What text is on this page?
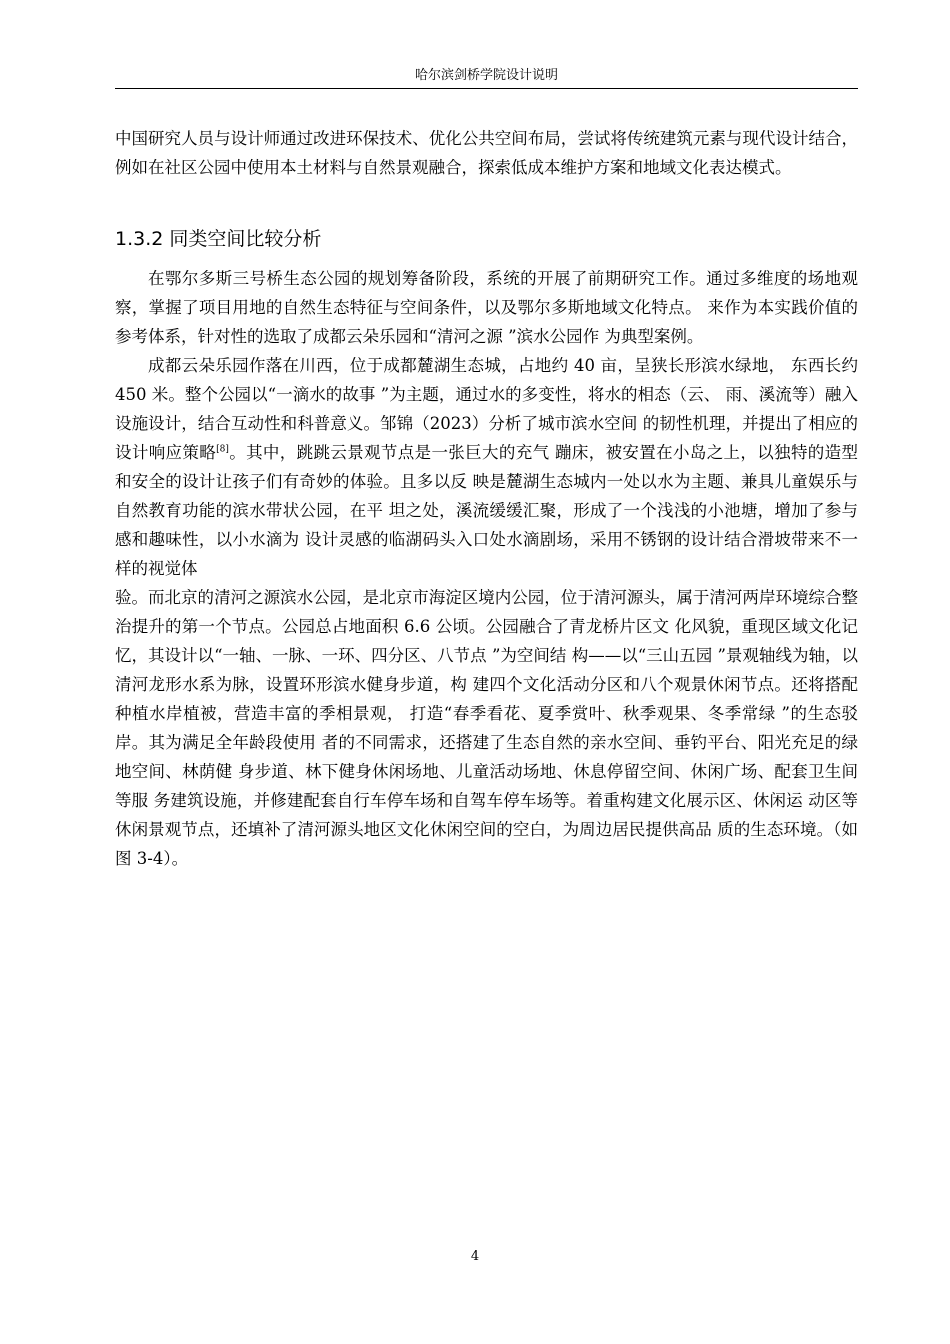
哈尔滨剑桥学院设计说明

中国研究人员与设计师通过改进环保技术、优化公共空间布局，尝试将传统建筑元素与现代设计结合，例如在社区公园中使用本土材料与自然景观融合，探索低成本维护方案和地域文化表达模式。

1.3.2 同类空间比较分析

在鄂尔多斯三号桥生态公园的规划筹备阶段，系统的开展了前期研究工作。通过多维度的场地观察，掌握了项目用地的自然生态特征与空间条件，以及鄂尔多斯地域文化特点。 来作为本实践价值的参考体系，针对性的选取了成都云朵乐园和“清河之源 ”滨水公园作 为典型案例。

成都云朵乐园作落在川西，位于成都麓湖生态城，占地约 40 亩，呈狭长形滨水绿地， 东西长约 450 米。整个公园以“一滴水的故事 ”为主题，通过水的多变性，将水的相态（云、 雨、溪流等）融入设施设计，结合互动性和科普意义。邹锦（2023）分析了城市滨水空间 的韧性机理，并提出了相应的设计响应策略[8]。其中，跳跳云景观节点是一张巨大的充气 蹦床，被安置在小岛之上，以独特的造型和安全的设计让孩子们有奇妙的体验。且多以反 映是麓湖生态城内一处以水为主题、兼具儿童娱乐与自然教育功能的滨水带状公园，在平 坦之处，溪流缓缓汇聚，形成了一个浅浅的小池塘，增加了参与感和趣味性，以小水滴为 设计灵感的临湖码头入口处水滴剧场，采用不锈钢的设计结合滑坡带来不一样的视觉体

验。而北京的清河之源滨水公园，是北京市海淀区境内公园，位于清河源头，属于清河两岸环境综合整治提升的第一个节点。公园总占地面积 6.6 公顷。公园融合了青龙桥片区文 化风貌，重现区域文化记忆，其设计以“一轴、一脉、一环、四分区、八节点 ”为空间结 构——以“三山五园 ”景观轴线为轴，以清河龙形水系为脉，设置环形滨水健身步道，构 建四个文化活动分区和八个观景休闲节点。还将搭配种植水岸植被，营造丰富的季相景观， 打造“春季看花、夏季赏叶、秋季观果、冬季常绿 ”的生态驳岸。其为满足全年龄段使用 者的不同需求，还搭建了生态自然的亲水空间、垂钓平台、阳光充足的绿地空间、林荫健 身步道、林下健身休闲场地、儿童活动场地、休息停留空间、休闲广场、配套卫生间等服 务建筑设施，并修建配套自行车停车场和自驾车停车场等。着重构建文化展示区、休闲运 动区等休闲景观节点，还填补了清河源头地区文化休闲空间的空白，为周边居民提供高品 质的生态环境。（如图 3-4）。

4
